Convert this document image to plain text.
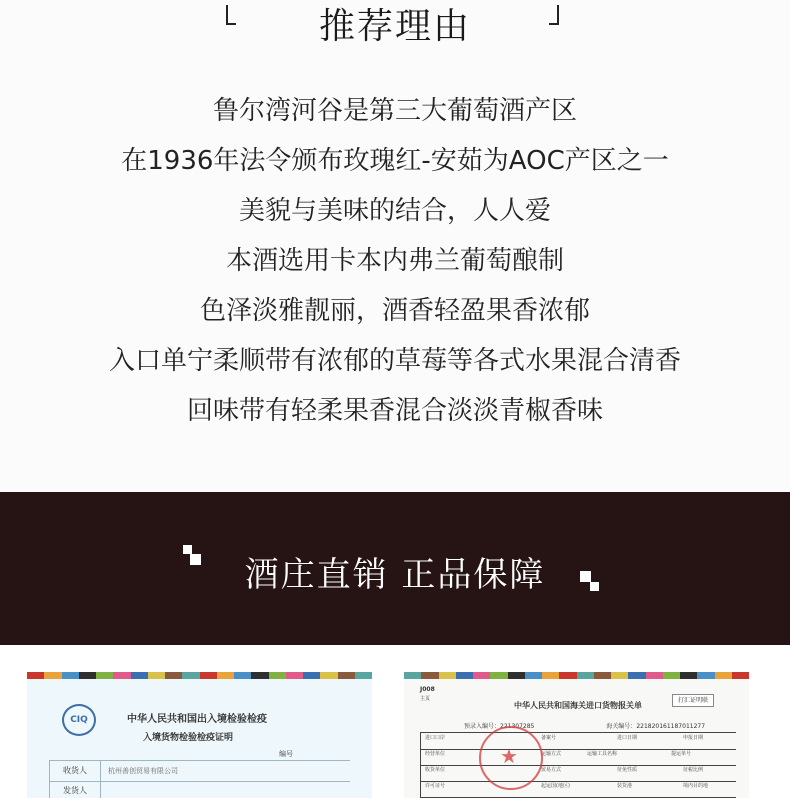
推荐理由
鲁尔湾河谷是第三大葡萄酒产区
在1936年法令颁布玫瑰红-安茹为AOC产区之一
美貌与美味的结合，人人爱
本酒选用卡本内弗兰葡萄酿制
色泽淡雅靓丽，酒香轻盈果香浓郁
入口单宁柔顺带有浓郁的草莓等各式水果混合清香
回味带有轻柔果香混合淡淡青椒香味
酒庄直销 正品保障
CIQ	中华人民共和国出入境检验检疫
入境货物检验检疫证明
编号
收货人	杭州善创贸易有限公司
发货人
J008
主页
中华人民共和国海关进口货物报关单
打汇证明联
预录入编号：221307285	海关编号：221820161187011277
进口口岸	备案号	进口日期	申报日期
经营单位	运输方式	运输工具名称	提运单号
收货单位	贸易方式	征免性质	征税比例
许可证号	起运国(地区)	装货港	境内目的地
★
